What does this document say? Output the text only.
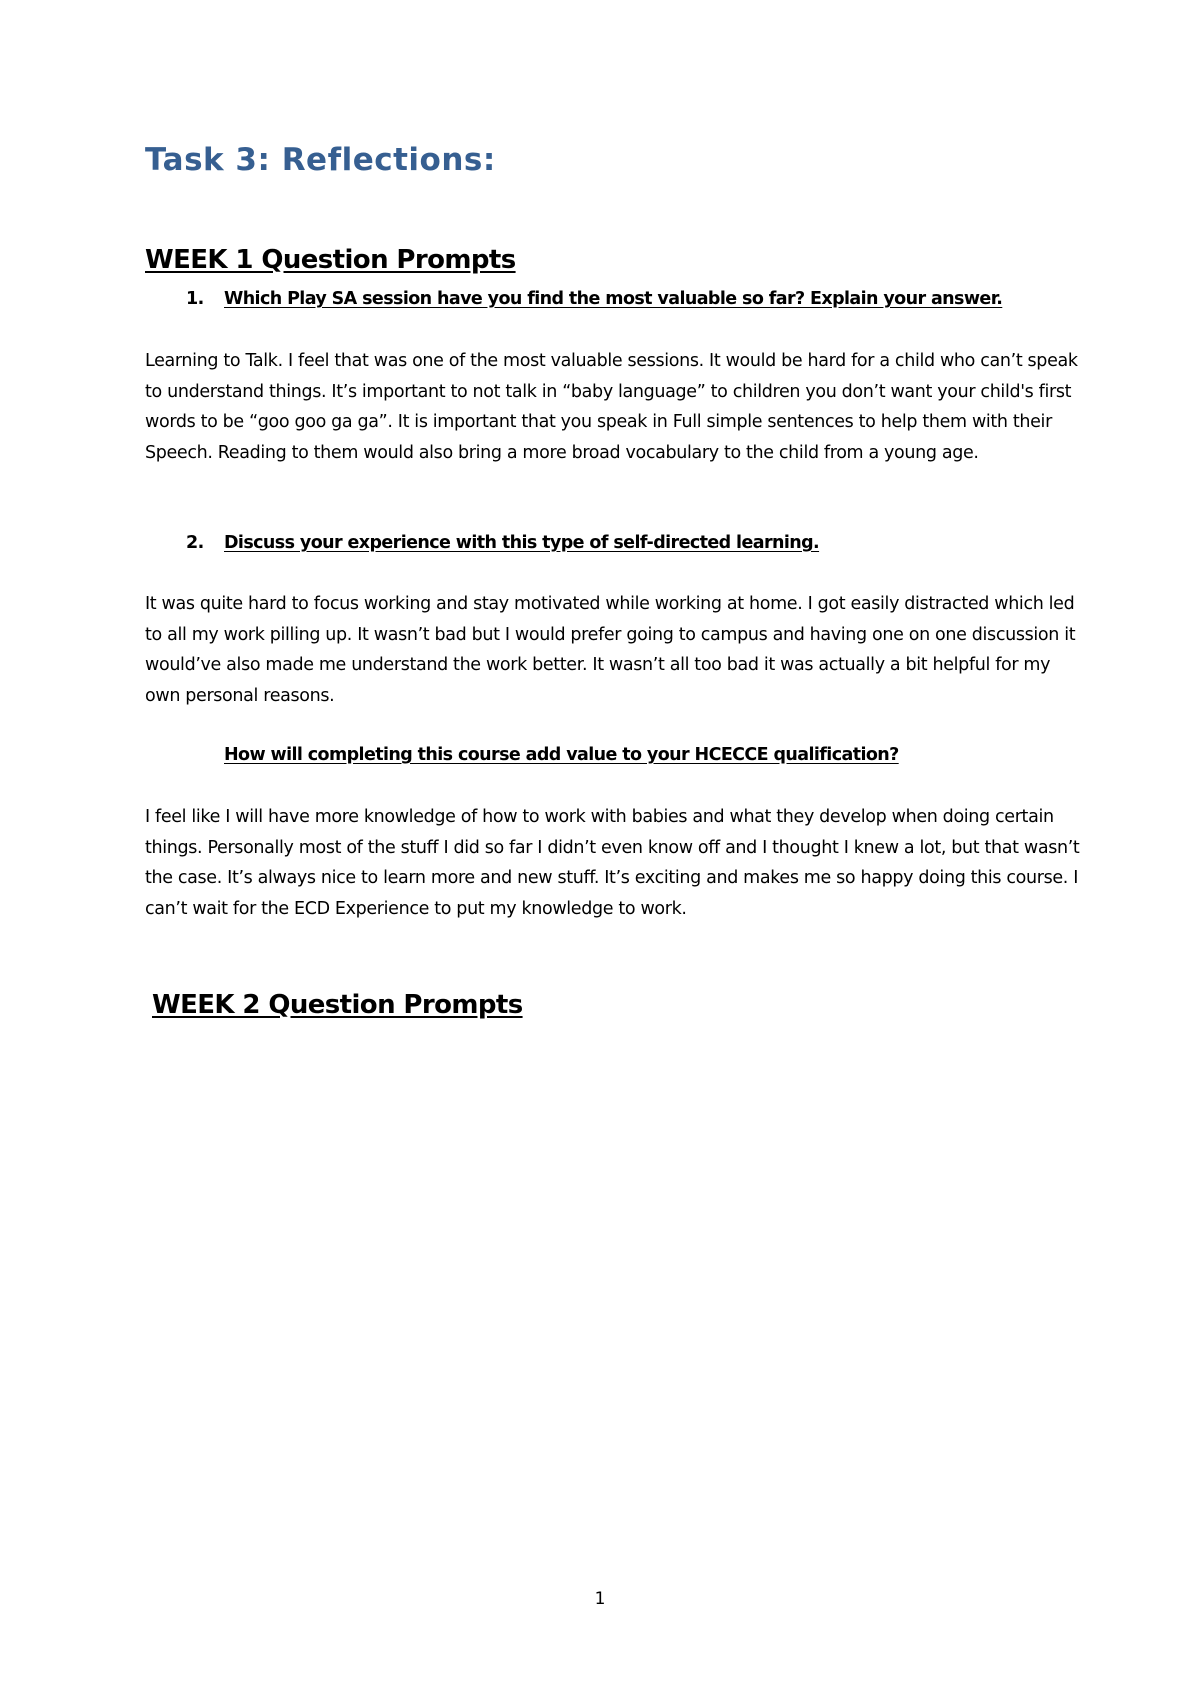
Task 3: Reflections:
WEEK 1 Question Prompts

1. Which Play SA session have you find the most valuable so far? Explain your answer.

Learning to Talk. I feel that was one of the most valuable sessions. It would be hard for a child who can’t speak to understand things. It’s important to not talk in “baby language” to children you don’t want your child's first words to be “goo goo ga ga”. It is important that you speak in Full simple sentences to help them with their Speech. Reading to them would also bring a more broad vocabulary to the child from a young age.

2. Discuss your experience with this type of self-directed learning.

It was quite hard to focus working and stay motivated while working at home. I got easily distracted which led to all my work pilling up. It wasn’t bad but I would prefer going to campus and having one on one discussion it would’ve also made me understand the work better. It wasn’t all too bad it was actually a bit helpful for my own personal reasons.

How will completing this course add value to your HCECCE qualification?

I feel like I will have more knowledge of how to work with babies and what they develop when doing certain things. Personally most of the stuff I did so far I didn’t even know off and I thought I knew a lot, but that wasn’t the case. It’s always nice to learn more and new stuff. It’s exciting and makes me so happy doing this course. I can’t wait for the ECD Experience to put my knowledge to work.

WEEK 2 Question Prompts
1
